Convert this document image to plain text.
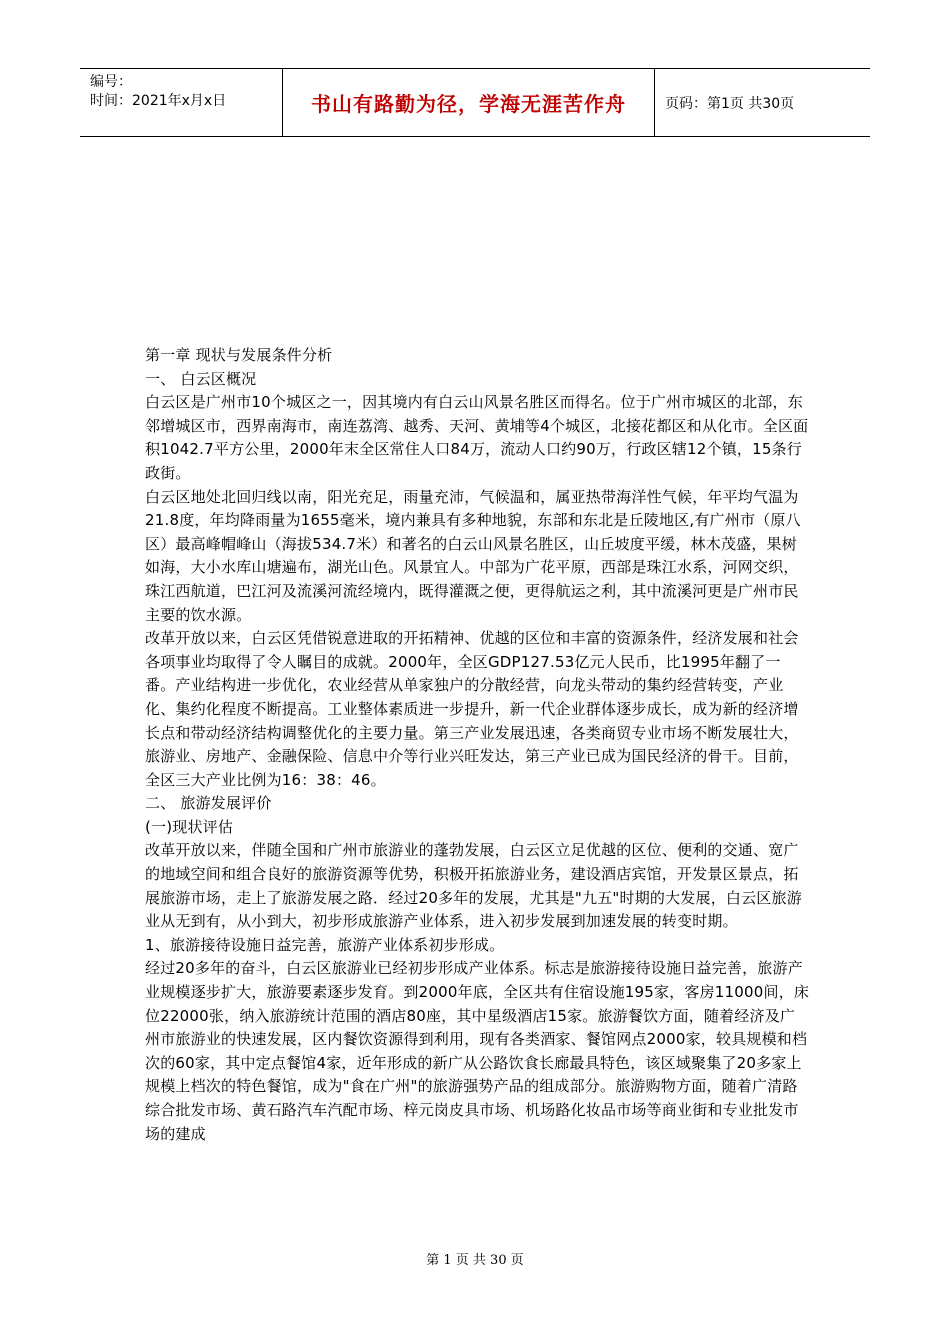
编号：
时间：2021年x月x日	书山有路勤为径，学海无涯苦作舟	页码：第1页 共30页

第一章 现状与发展条件分析

一、 白云区概况

白云区是广州市10个城区之一，因其境内有白云山风景名胜区而得名。位于广州市城区的北部，东邻增城区市，西界南海市，南连荔湾、越秀、天河、黄埔等4个城区，北接花都区和从化市。全区面积1042.7平方公里，2000年末全区常住人口84万，流动人口约90万，行政区辖12个镇，15条行政街。

白云区地处北回归线以南，阳光充足，雨量充沛，气候温和，属亚热带海洋性气候，年平均气温为21.8度，年均降雨量为1655毫米，境内兼具有多种地貌，东部和东北是丘陵地区,有广州市（原八区）最高峰帽峰山（海拔534.7米）和著名的白云山风景名胜区，山丘坡度平缓，林木茂盛，果树如海，大小水库山塘遍布，湖光山色。风景宜人。中部为广花平原，西部是珠江水系，河网交织，珠江西航道，巴江河及流溪河流经境内，既得灌溉之便，更得航运之利，其中流溪河更是广州市民主要的饮水源。

改革开放以来，白云区凭借锐意进取的开拓精神、优越的区位和丰富的资源条件，经济发展和社会各项事业均取得了令人瞩目的成就。2000年，全区GDP127.53亿元人民币，比1995年翻了一番。产业结构进一步优化，农业经营从单家独户的分散经营，向龙头带动的集约经营转变，产业化、集约化程度不断提高。工业整体素质进一步提升，新一代企业群体逐步成长，成为新的经济增长点和带动经济结构调整优化的主要力量。第三产业发展迅速，各类商贸专业市场不断发展壮大，旅游业、房地产、金融保险、信息中介等行业兴旺发达，第三产业已成为国民经济的骨干。目前，全区三大产业比例为16：38：46。

二、 旅游发展评价

(一)现状评估

改革开放以来，伴随全国和广州市旅游业的蓬勃发展，白云区立足优越的区位、便利的交通、宽广的地域空间和组合良好的旅游资源等优势，积极开拓旅游业务，建设酒店宾馆，开发景区景点，拓展旅游市场，走上了旅游发展之路．经过20多年的发展，尤其是"九五"时期的大发展，白云区旅游业从无到有，从小到大，初步形成旅游产业体系，进入初步发展到加速发展的转变时期。

1、旅游接待设施日益完善，旅游产业体系初步形成。

经过20多年的奋斗，白云区旅游业已经初步形成产业体系。标志是旅游接待设施日益完善，旅游产业规模逐步扩大，旅游要素逐步发育。到2000年底，全区共有住宿设施195家，客房11000间，床位22000张，纳入旅游统计范围的酒店80座，其中星级酒店15家。旅游餐饮方面，随着经济及广州市旅游业的快速发展，区内餐饮资源得到利用，现有各类酒家、餐馆网点2000家，较具规模和档次的60家，其中定点餐馆4家，近年形成的新广从公路饮食长廊最具特色，该区域聚集了20多家上规模上档次的特色餐馆，成为"食在广州"的旅游强势产品的组成部分。旅游购物方面，随着广清路综合批发市场、黄石路汽车汽配市场、梓元岗皮具市场、机场路化妆品市场等商业街和专业批发市场的建成

第 1 页 共 30 页
